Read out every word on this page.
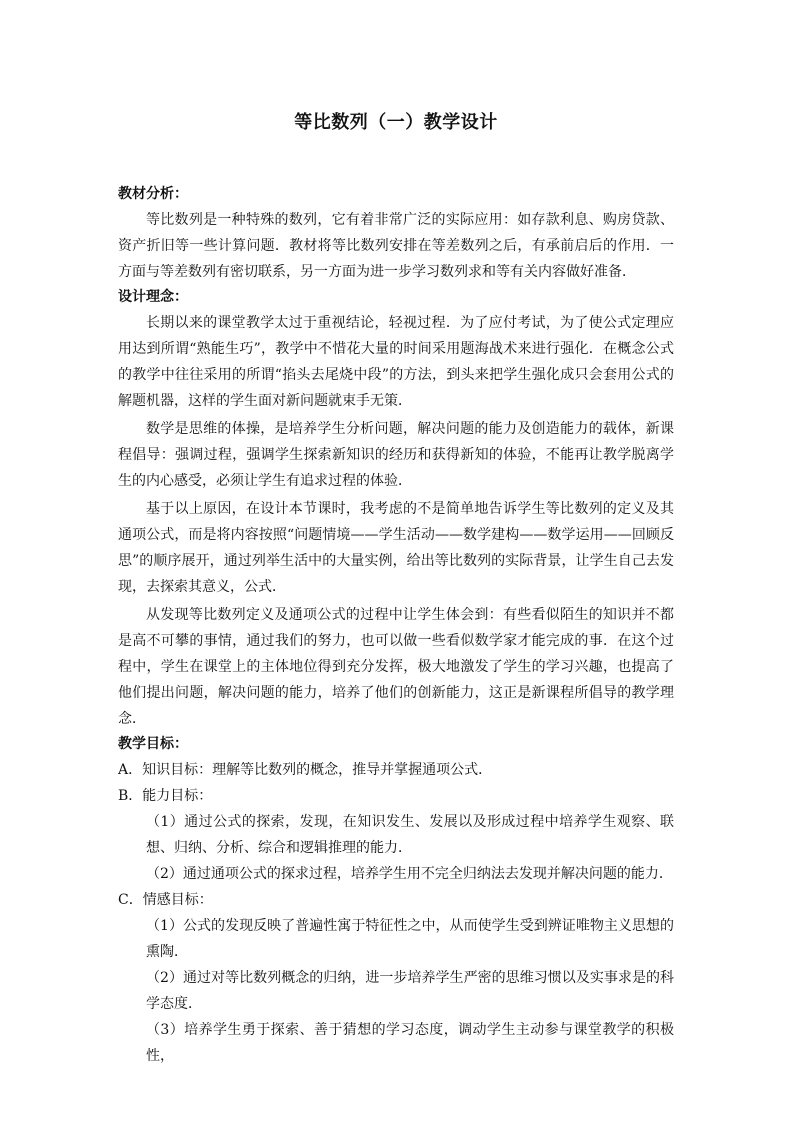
等比数列（一）教学设计

教材分析：

等比数列是一种特殊的数列，它有着非常广泛的实际应用：如存款利息、购房贷款、资产折旧等一些计算问题．教材将等比数列安排在等差数列之后，有承前启后的作用．一方面与等差数列有密切联系，另一方面为进一步学习数列求和等有关内容做好准备．

设计理念：

长期以来的课堂教学太过于重视结论，轻视过程．为了应付考试，为了使公式定理应用达到所谓“熟能生巧”，教学中不惜花大量的时间采用题海战术来进行强化．在概念公式的教学中往往采用的所谓“掐头去尾烧中段”的方法，到头来把学生强化成只会套用公式的解题机器，这样的学生面对新问题就束手无策．

数学是思维的体操，是培养学生分析问题，解决问题的能力及创造能力的载体，新课程倡导：强调过程，强调学生探索新知识的经历和获得新知的体验，不能再让教学脱离学生的内心感受，必须让学生有追求过程的体验．

基于以上原因，在设计本节课时，我考虑的不是简单地告诉学生等比数列的定义及其通项公式，而是将内容按照“问题情境——学生活动——数学建构——数学运用——回顾反思”的顺序展开，通过列举生活中的大量实例，给出等比数列的实际背景，让学生自己去发现，去探索其意义，公式．

从发现等比数列定义及通项公式的过程中让学生体会到：有些看似陌生的知识并不都是高不可攀的事情，通过我们的努力，也可以做一些看似数学家才能完成的事．在这个过程中，学生在课堂上的主体地位得到充分发挥，极大地激发了学生的学习兴趣，也提高了他们提出问题，解决问题的能力，培养了他们的创新能力，这正是新课程所倡导的教学理念．

教学目标：

A．知识目标：理解等比数列的概念，推导并掌握通项公式．

B．能力目标：

（1）通过公式的探索，发现，在知识发生、发展以及形成过程中培养学生观察、联想、归纳、分析、综合和逻辑推理的能力．

（2）通过通项公式的探求过程，培养学生用不完全归纳法去发现并解决问题的能力．

C．情感目标：

（1）公式的发现反映了普遍性寓于特征性之中，从而使学生受到辨证唯物主义思想的熏陶．

（2）通过对等比数列概念的归纳，进一步培养学生严密的思维习惯以及实事求是的科学态度．

（3）培养学生勇于探索、善于猜想的学习态度，调动学生主动参与课堂教学的积极性，
